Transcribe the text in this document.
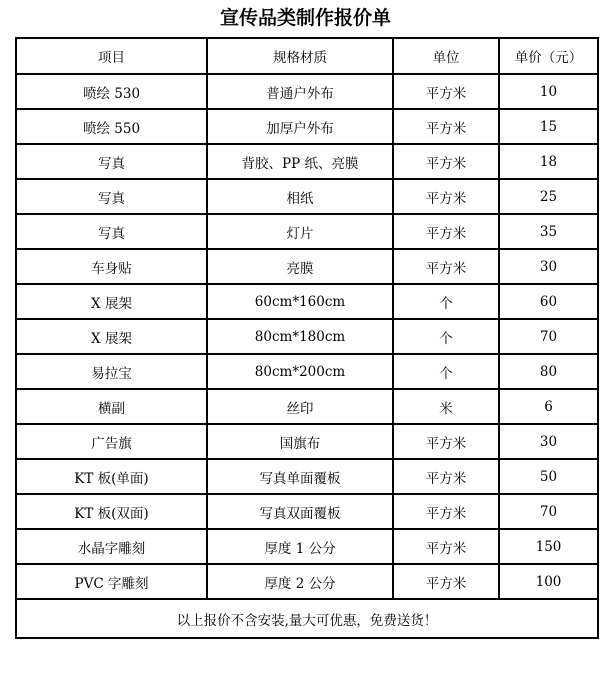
宣传品类制作报价单
项目	规格材质	单位	单价（元）
喷绘 530	普通户外布	平方米	10
喷绘 550	加厚户外布	平方米	15
写真	背胶、PP 纸、亮膜	平方米	18
写真	相纸	平方米	25
写真	灯片	平方米	35
车身贴	亮膜	平方米	30
X 展架	60cm*160cm	个	60
X 展架	80cm*180cm	个	70
易拉宝	80cm*200cm	个	80
横副	丝印	米	6
广告旗	国旗布	平方米	30
KT 板(单面)	写真单面覆板	平方米	50
KT 板(双面)	写真双面覆板	平方米	70
水晶字雕刻	厚度 1 公分	平方米	150
PVC 字雕刻	厚度 2 公分	平方米	100
以上报价不含安装,量大可优惠，免费送货！			
